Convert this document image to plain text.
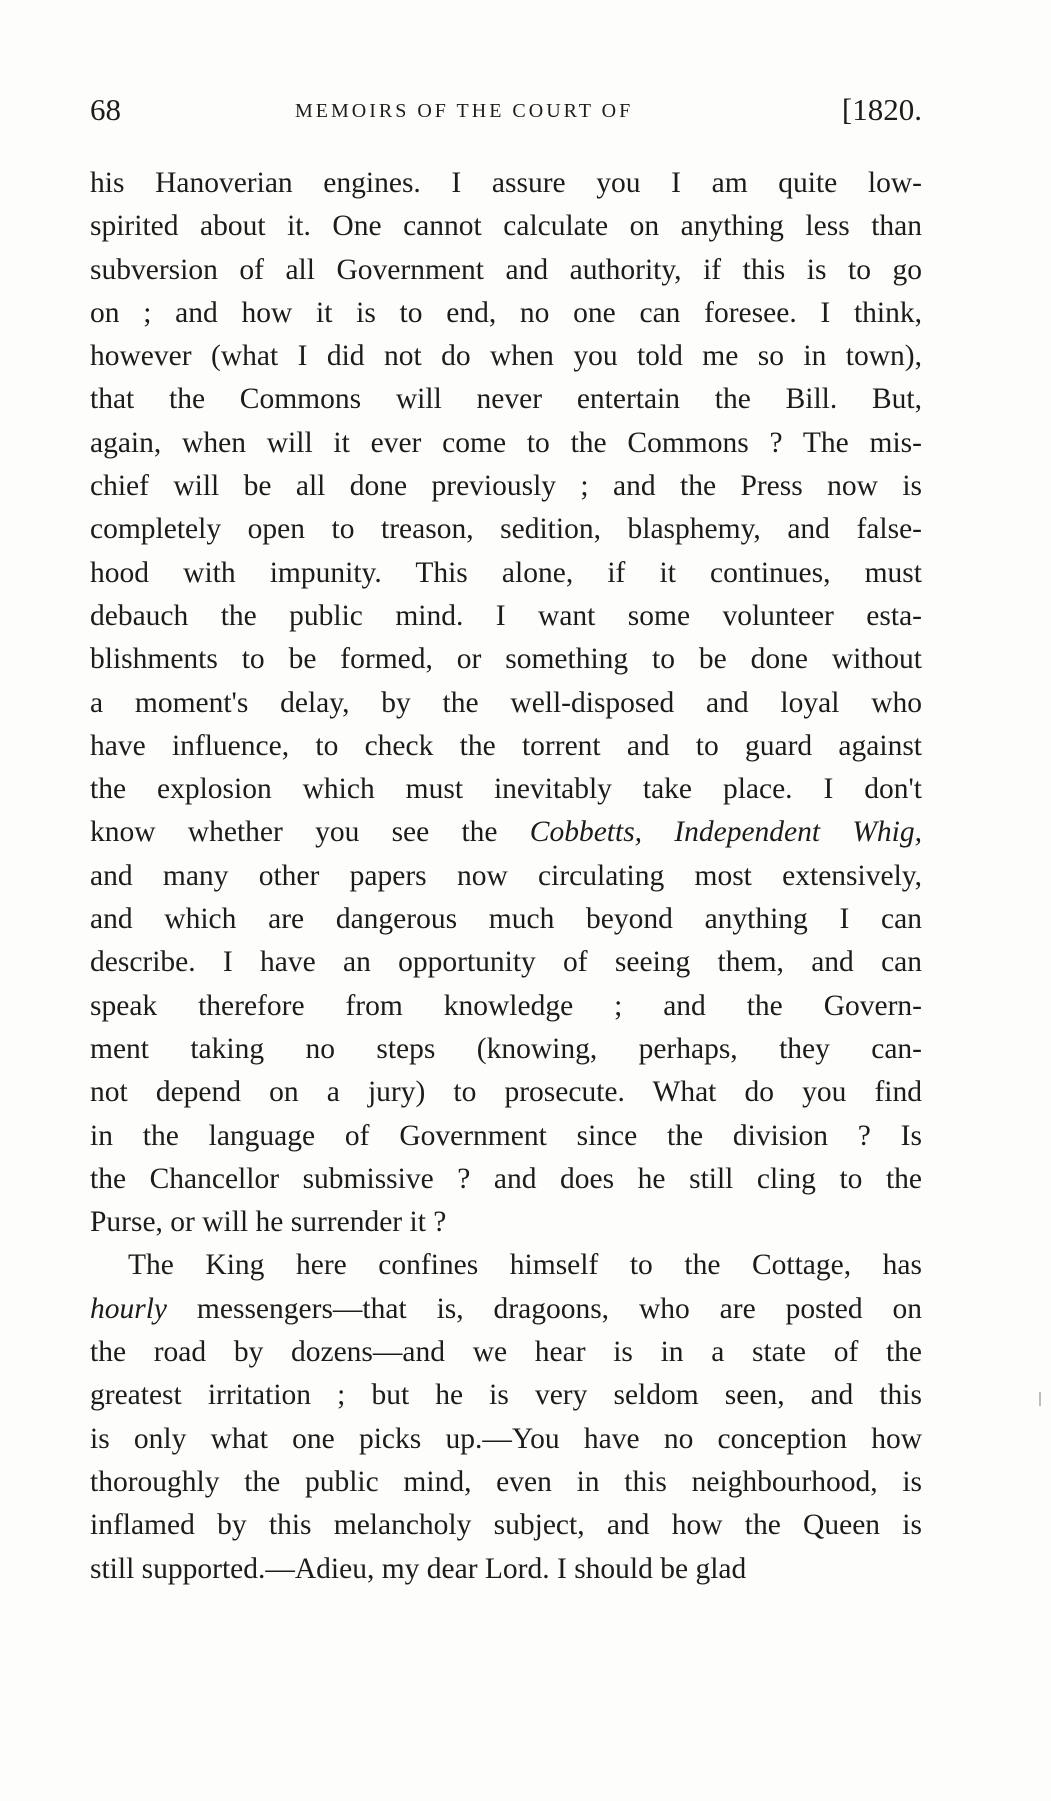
68	MEMOIRS OF THE COURT OF	[1820.
his Hanoverian engines. I assure you I am quite low-
spirited about it. One cannot calculate on anything less than
subversion of all Government and authority, if this is to go
on ; and how it is to end, no one can foresee. I think,
however (what I did not do when you told me so in town),
that the Commons will never entertain the Bill. But,
again, when will it ever come to the Commons ? The mis-
chief will be all done previously ; and the Press now is
completely open to treason, sedition, blasphemy, and false-
hood with impunity. This alone, if it continues, must
debauch the public mind. I want some volunteer esta-
blishments to be formed, or something to be done without
a moment's delay, by the well-disposed and loyal who
have influence, to check the torrent and to guard against
the explosion which must inevitably take place. I don't
know whether you see the Cobbetts, Independent Whig,
and many other papers now circulating most extensively,
and which are dangerous much beyond anything I can
describe. I have an opportunity of seeing them, and can
speak therefore from knowledge ; and the Govern-
ment taking no steps (knowing, perhaps, they can-
not depend on a jury) to prosecute. What do you find
in the language of Government since the division ? Is
the Chancellor submissive ? and does he still cling to the
Purse, or will he surrender it ?
The King here confines himself to the Cottage, has
hourly messengers—that is, dragoons, who are posted on
the road by dozens—and we hear is in a state of the
greatest irritation ; but he is very seldom seen, and this
is only what one picks up.—You have no conception how
thoroughly the public mind, even in this neighbourhood, is
inflamed by this melancholy subject, and how the Queen is
still supported.—Adieu, my dear Lord. I should be glad
